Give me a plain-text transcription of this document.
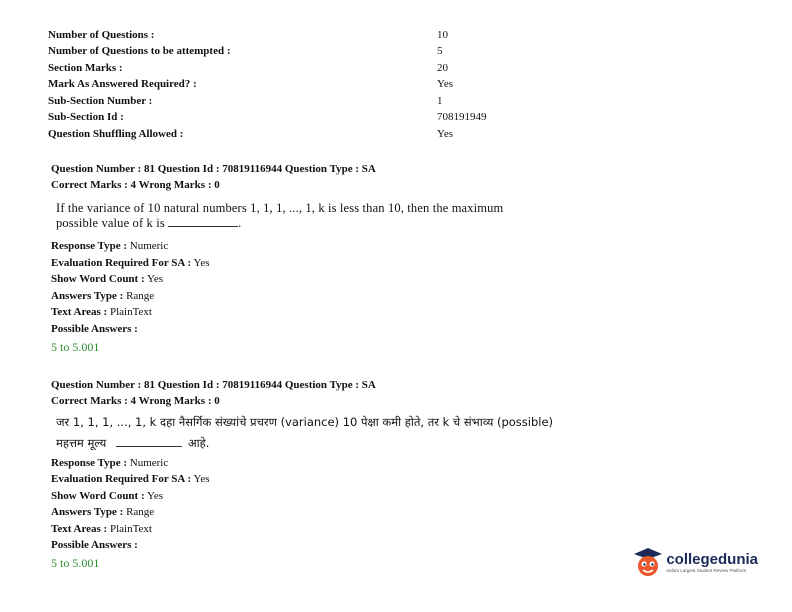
Number of Questions :	10
Number of Questions to be attempted :	5
Section Marks :	20
Mark As Answered Required? :	Yes
Sub-Section Number :	1
Sub-Section Id :	708191949
Question Shuffling Allowed :	Yes
Question Number : 81 Question Id : 70819116944 Question Type : SA
Correct Marks : 4 Wrong Marks : 0
If the variance of 10 natural numbers 1, 1, 1, ..., 1, k is less than 10, then the maximum
possible value of k is	.
Response Type : Numeric
Evaluation Required For SA : Yes
Show Word Count : Yes
Answers Type : Range
Text Areas : PlainText
Possible Answers :
5 to 5.001
Question Number : 81 Question Id : 70819116944 Question Type : SA
Correct Marks : 4 Wrong Marks : 0
जर 1, 1, 1, ..., 1, k दहा नैसर्गिक संख्यांचे प्रचरण (variance) 10 पेक्षा कमी होते, तर k चे संभाव्य (possible)
महत्तम मूल्य	आहे.
Response Type : Numeric
Evaluation Required For SA : Yes
Show Word Count : Yes
Answers Type : Range
Text Areas : PlainText
Possible Answers :
5 to 5.001	collegedunia
India's Largest Student Review Platform
